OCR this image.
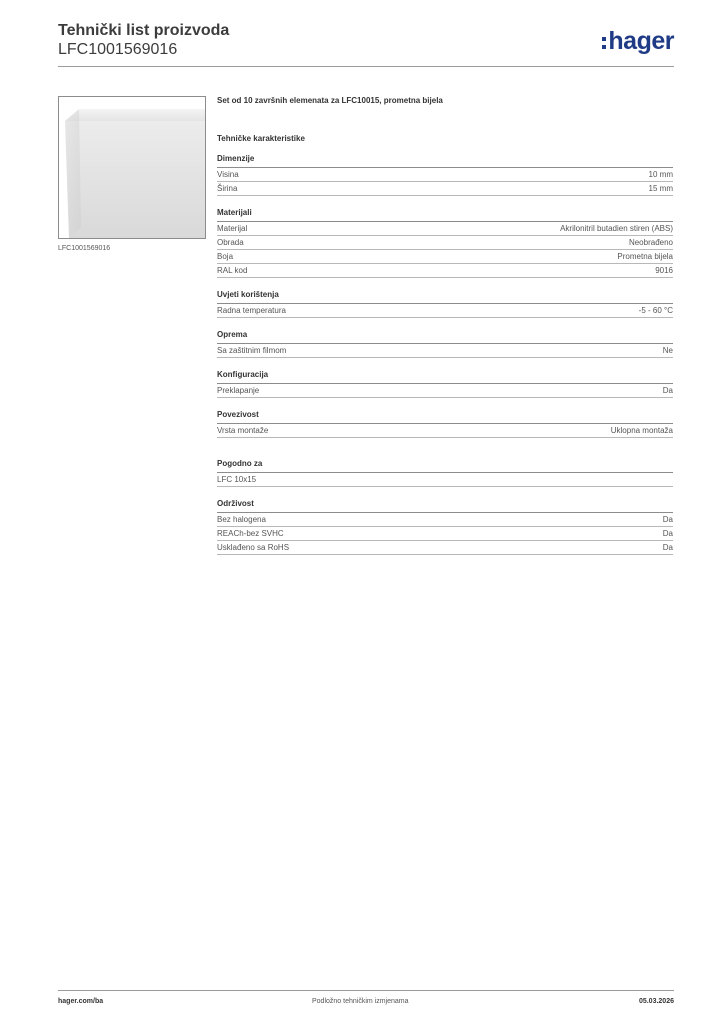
Tehnički list proizvoda
LFC1001569016	hager
LFC1001569016
Set od 10 završnih elemenata za LFC10015, prometna bijela
Tehničke karakteristike
Dimenzije
Visina	10 mm
Širina	15 mm
Materijali
Materijal	Akrilonitril butadien stiren (ABS)
Obrada	Neobrađeno
Boja	Prometna bijela
RAL kod	9016
Uvjeti korištenja
Radna temperatura	-5 - 60 °C
Oprema
Sa zaštitnim filmom	Ne
Konfiguracija
Preklapanje	Da
Povezivost
Vrsta montaže	Uklopna montaža
Pogodno za
LFC 10x15
Održivost
Bez halogena	Da
REACh-bez SVHC	Da
Usklađeno sa RoHS	Da
hager.com/ba	Podložno tehničkim izmjenama	05.03.2026
